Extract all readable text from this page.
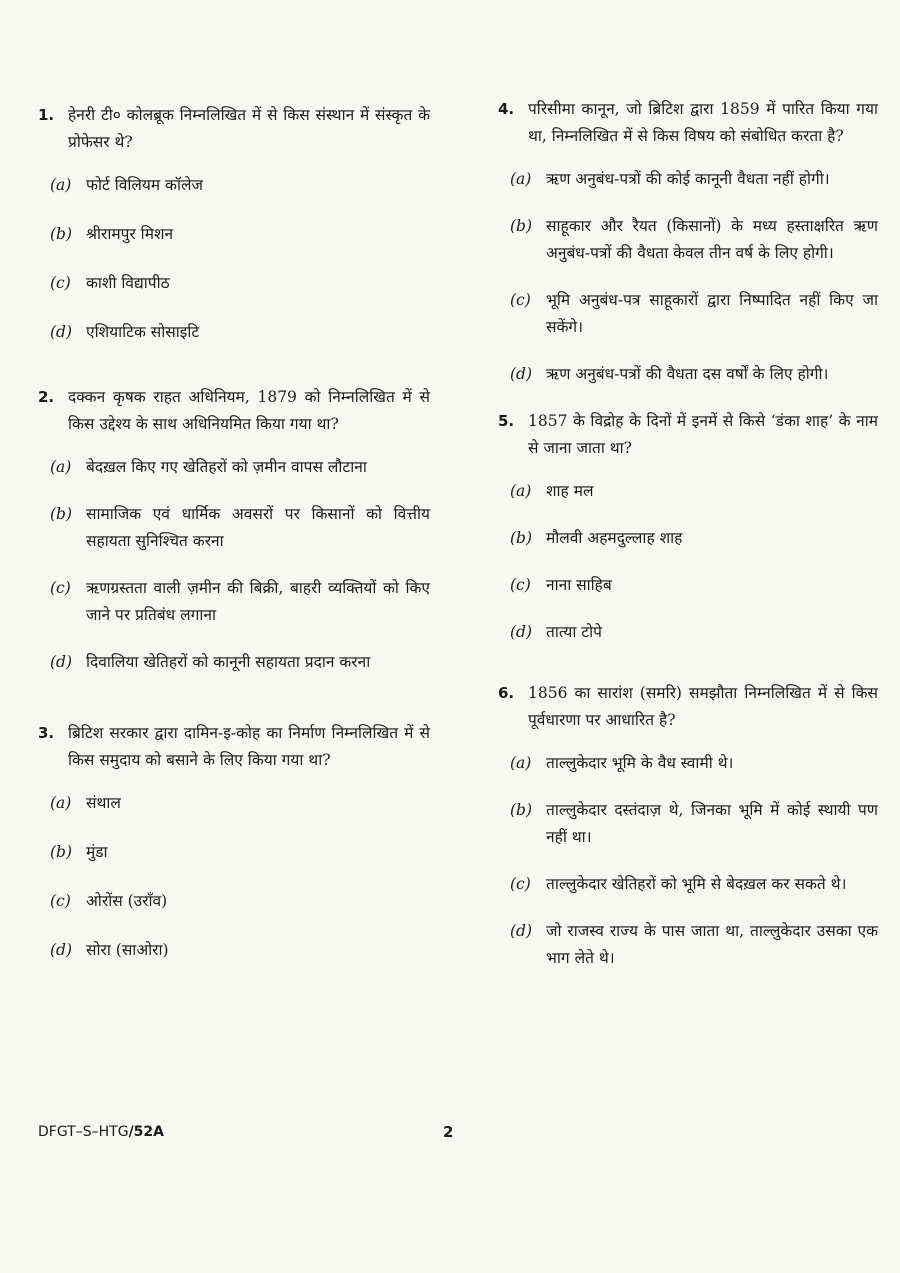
1. हेनरी टी० कोलब्रूक निम्नलिखित में से किस संस्थान में संस्कृत के प्रोफेसर थे?
(a) फोर्ट विलियम कॉलेज
(b) श्रीरामपुर मिशन
(c) काशी विद्यापीठ
(d) एशियाटिक सोसाइटि
2. दक्कन कृषक राहत अधिनियम, 1879 को निम्नलिखित में से किस उद्देश्य के साथ अधिनियमित किया गया था?
(a) बेदख़ल किए गए खेतिहरों को ज़मीन वापस लौटाना
(b) सामाजिक एवं धार्मिक अवसरों पर किसानों को वित्तीय सहायता सुनिश्चित करना
(c) ऋणग्रस्तता वाली ज़मीन की बिक्री, बाहरी व्यक्तियों को किए जाने पर प्रतिबंध लगाना
(d) दिवालिया खेतिहरों को कानूनी सहायता प्रदान करना
3. ब्रिटिश सरकार द्वारा दामिन-इ-कोह का निर्माण निम्नलिखित में से किस समुदाय को बसाने के लिए किया गया था?
(a) संथाल
(b) मुंडा
(c) ओरोंस (उराँव)
(d) सोरा (साओरा)
4. परिसीमा कानून, जो ब्रिटिश द्वारा 1859 में पारित किया गया था, निम्नलिखित में से किस विषय को संबोधित करता है?
(a) ऋण अनुबंध-पत्रों की कोई कानूनी वैधता नहीं होगी।
(b) साहूकार और रैयत (किसानों) के मध्य हस्ताक्षरित ऋण अनुबंध-पत्रों की वैधता केवल तीन वर्ष के लिए होगी।
(c) भूमि अनुबंध-पत्र साहूकारों द्वारा निष्पादित नहीं किए जा सकेंगे।
(d) ऋण अनुबंध-पत्रों की वैधता दस वर्षों के लिए होगी।
5. 1857 के विद्रोह के दिनों में इनमें से किसे ‘डंका शाह’ के नाम से जाना जाता था?
(a) शाह मल
(b) मौलवी अहमदुल्लाह शाह
(c) नाना साहिब
(d) तात्या टोपे
6. 1856 का सारांश (समरि) समझौता निम्नलिखित में से किस पूर्वधारणा पर आधारित है?
(a) ताल्लुकेदार भूमि के वैध स्वामी थे।
(b) ताल्लुकेदार दस्तंदाज़ थे, जिनका भूमि में कोई स्थायी पण नहीं था।
(c) ताल्लुकेदार खेतिहरों को भूमि से बेदख़ल कर सकते थे।
(d) जो राजस्व राज्य के पास जाता था, ताल्लुकेदार उसका एक भाग लेते थे।
DFGT–S–HTG/52A	2
